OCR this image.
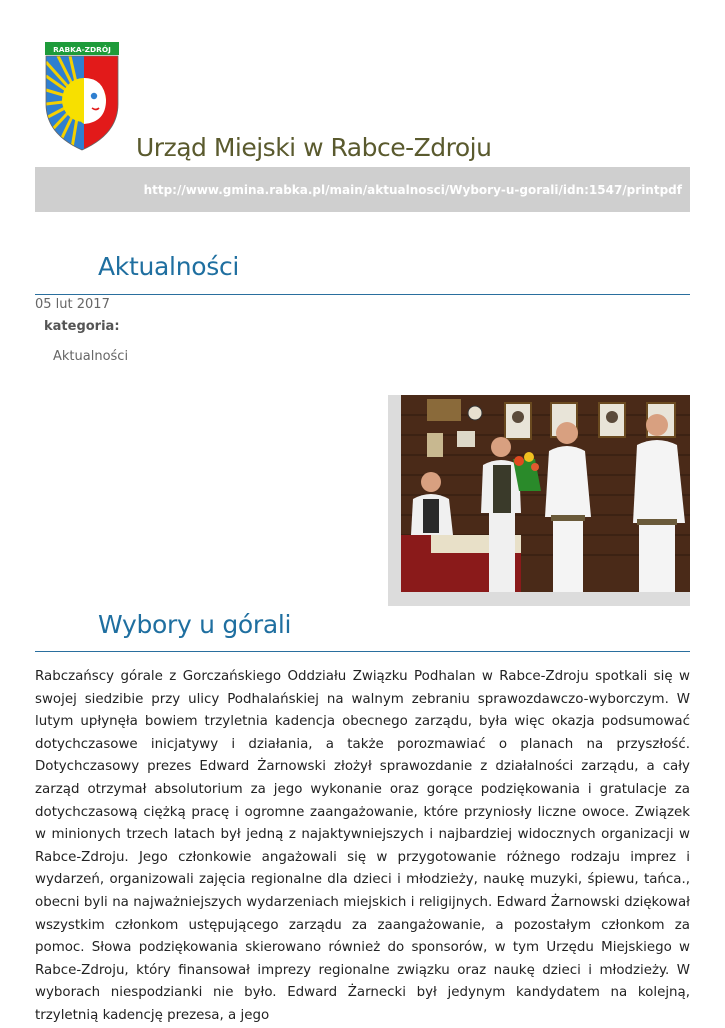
RABKA-ZDRÓJ
Urząd Miejski w Rabce-Zdroju
http://www.gmina.rabka.pl/main/aktualnosci/Wybory-u-gorali/idn:1547/printpdf
Aktualności
05 lut 2017
kategoria:
Aktualności
Wybory u górali

Rabczańscy górale z Gorczańskiego Oddziału Związku Podhalan w Rabce-Zdroju spotkali się w swojej siedzibie przy ulicy Podhalańskiej na walnym zebraniu sprawozdawczo-wyborczym. W lutym upłynęła bowiem trzyletnia kadencja obecnego zarządu, była więc okazja podsumować dotychczasowe inicjatywy i działania, a także porozmawiać o planach na przyszłość. Dotychczasowy prezes Edward Żarnowski złożył sprawozdanie z działalności zarządu, a cały zarząd otrzymał absolutorium za jego wykonanie oraz gorące podziękowania i gratulacje za dotychczasową ciężką pracę i ogromne zaangażowanie, które przyniosły liczne owoce. Związek w minionych trzech latach był jedną z najaktywniejszych i najbardziej widocznych organizacji w Rabce-Zdroju. Jego członkowie angażowali się w przygotowanie różnego rodzaju imprez i wydarzeń, organizowali zajęcia regionalne dla dzieci i młodzieży, naukę muzyki, śpiewu, tańca., obecni byli na najważniejszych wydarzeniach miejskich i religijnych. Edward Żarnowski dziękował wszystkim członkom ustępującego zarządu za zaangażowanie, a pozostałym członkom za pomoc. Słowa podziękowania skierowano również do sponsorów, w tym Urzędu Miejskiego w Rabce-Zdroju, który finansował imprezy regionalne związku oraz naukę dzieci i młodzieży. W wyborach niespodzianki nie było. Edward Żarnecki był jedynym kandydatem na kolejną, trzyletnią kadencję prezesa, a jego
